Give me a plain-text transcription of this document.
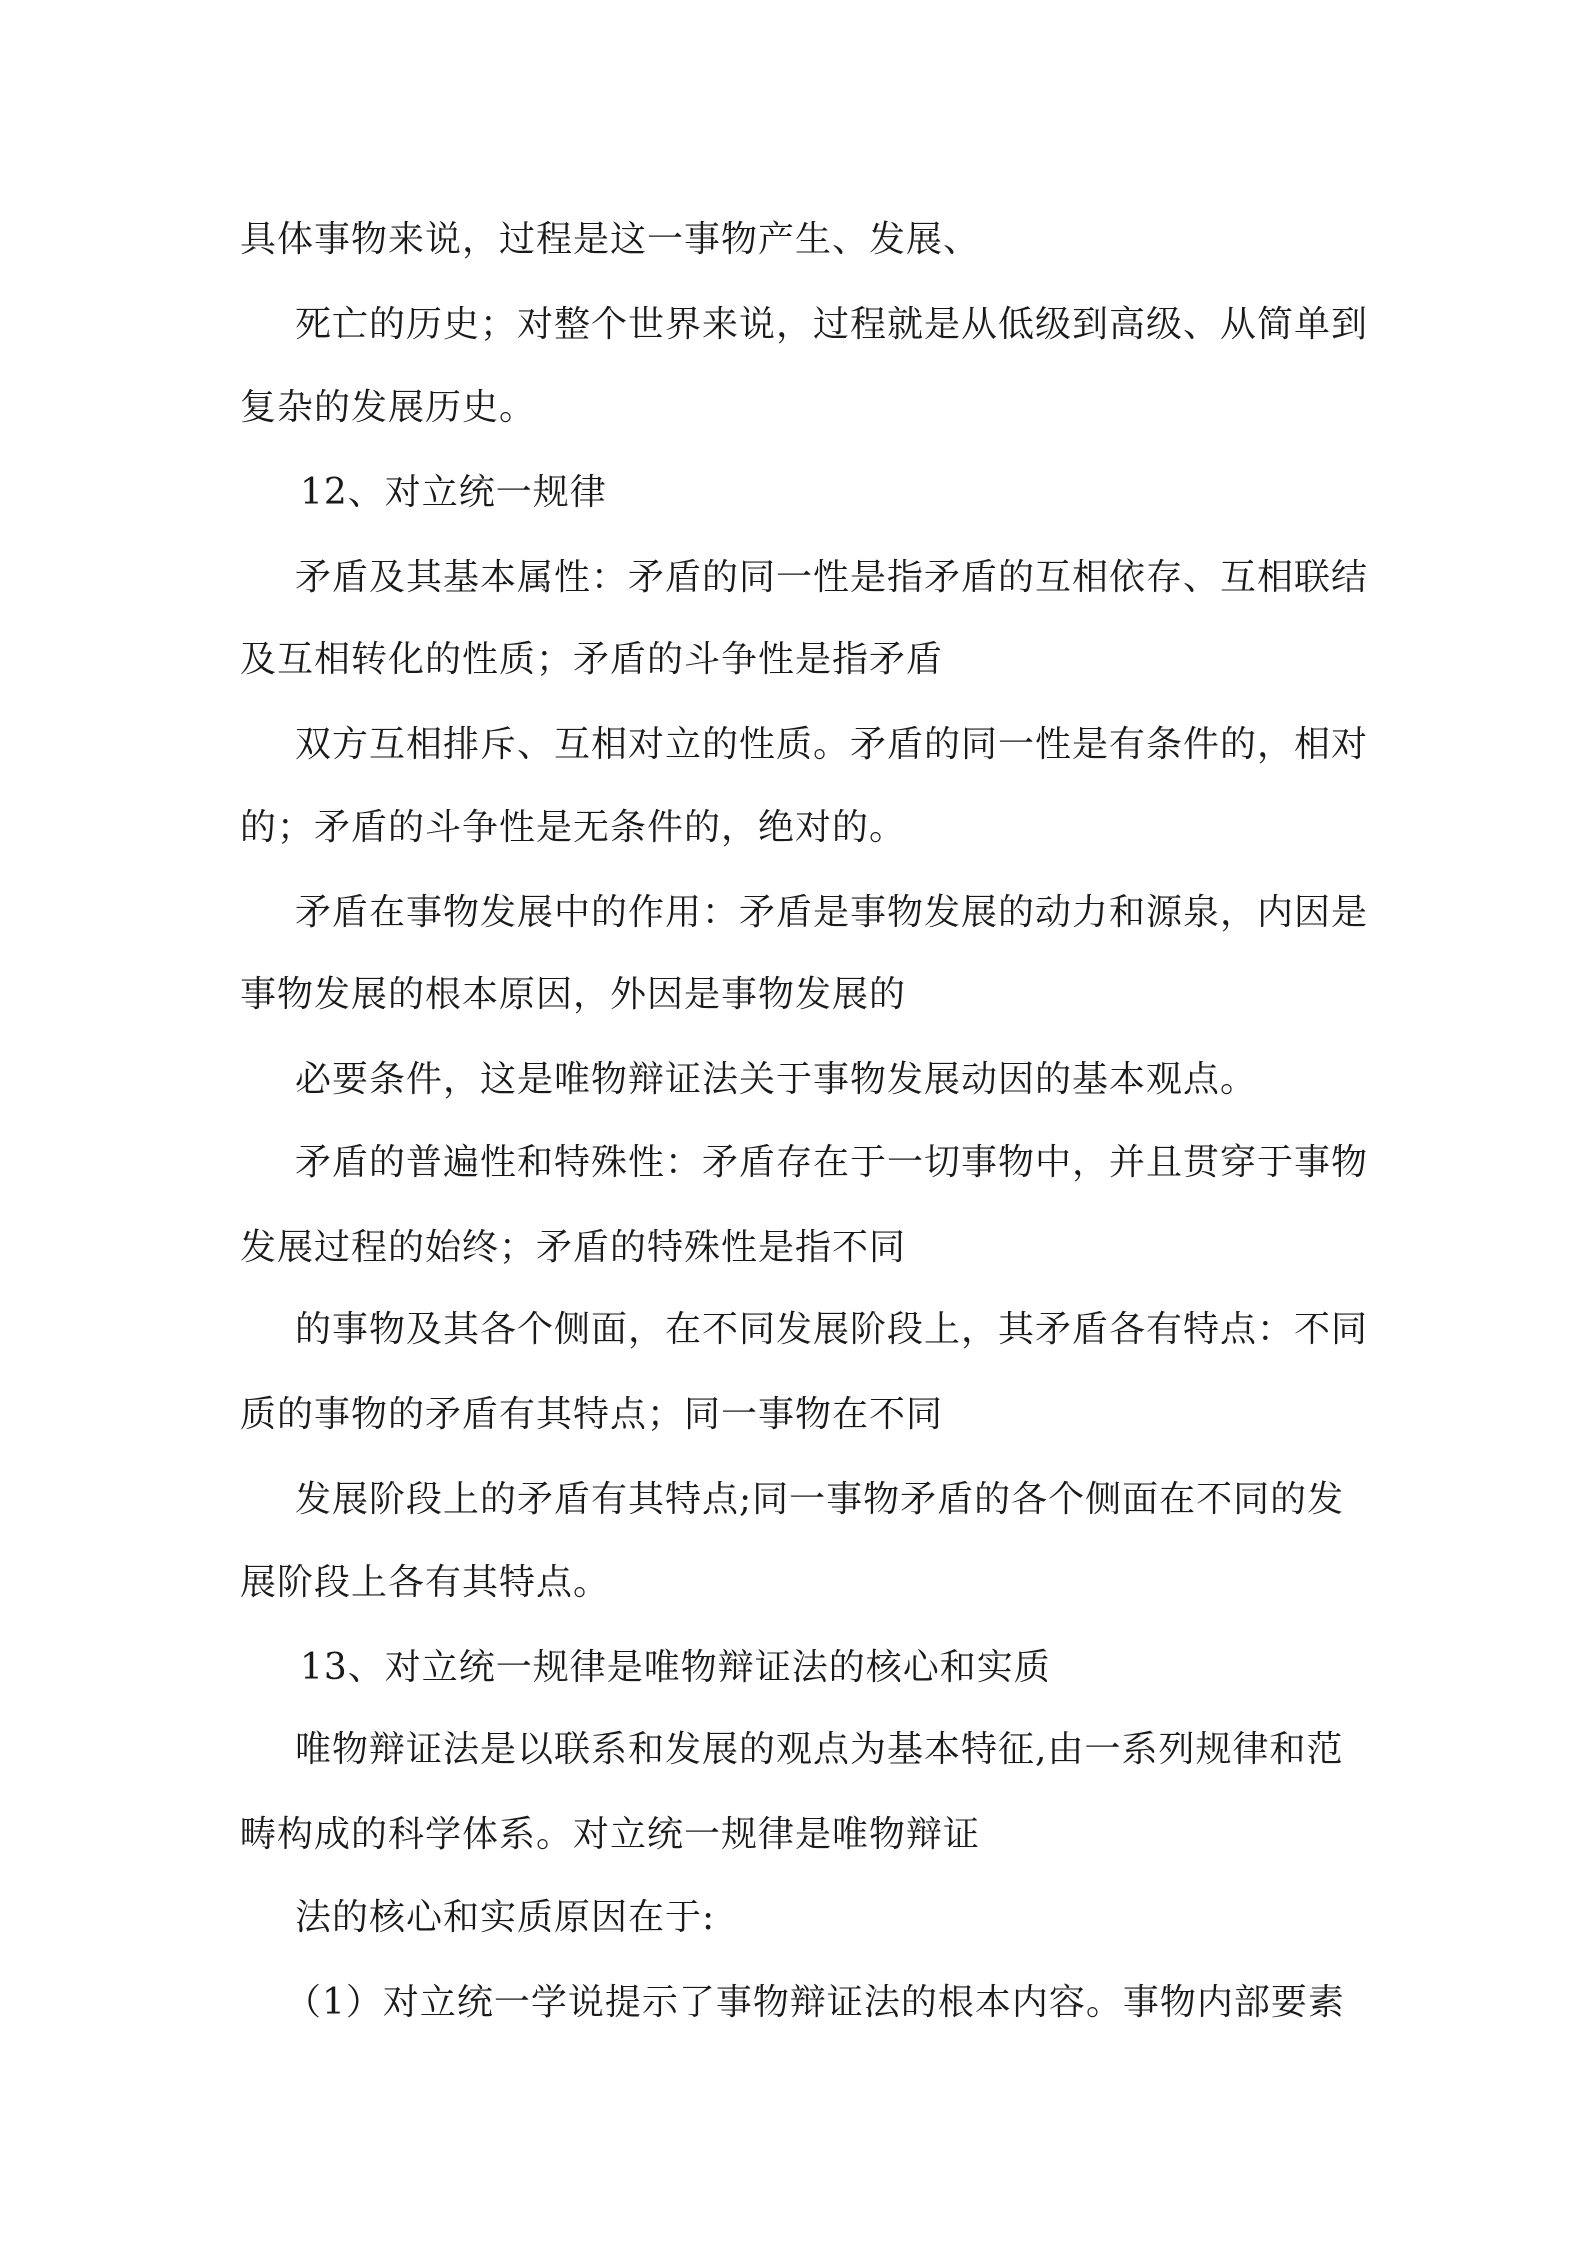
具体事物来说，过程是这一事物产生、发展、
死亡的历史；对整个世界来说，过程就是从低级到高级、从简单到
复杂的发展历史。
12、对立统一规律
矛盾及其基本属性：矛盾的同一性是指矛盾的互相依存、互相联结
及互相转化的性质；矛盾的斗争性是指矛盾
双方互相排斥、互相对立的性质。矛盾的同一性是有条件的，相对
的；矛盾的斗争性是无条件的，绝对的。
矛盾在事物发展中的作用：矛盾是事物发展的动力和源泉，内因是
事物发展的根本原因，外因是事物发展的
必要条件，这是唯物辩证法关于事物发展动因的基本观点。
矛盾的普遍性和特殊性：矛盾存在于一切事物中，并且贯穿于事物
发展过程的始终；矛盾的特殊性是指不同
的事物及其各个侧面，在不同发展阶段上，其矛盾各有特点：不同
质的事物的矛盾有其特点；同一事物在不同
发展阶段上的矛盾有其特点;同一事物矛盾的各个侧面在不同的发
展阶段上各有其特点。
13、对立统一规律是唯物辩证法的核心和实质
唯物辩证法是以联系和发展的观点为基本特征,由一系列规律和范
畴构成的科学体系。对立统一规律是唯物辩证
法的核心和实质原因在于:
（1）对立统一学说提示了事物辩证法的根本内容。事物内部要素
